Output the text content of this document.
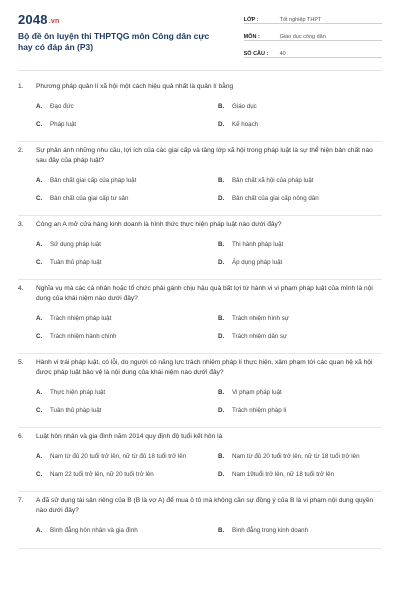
2048.vn
Bộ đề ôn luyện thi THPTQG môn Công dân cực hay có đáp án (P3)
LỚP :	Tốt nghiệp THPT
MÔN :	Giáo dục công dân
SỐ CÂU :	40
1.	Phương pháp quản lí xã hội một cách hiệu quả nhất là quản lí bằng
A.	Đạo đức	B.	Giáo dục
C.	Pháp luật	D.	Kế hoạch
2.	Sự phản ánh những nhu cầu, lợi ích của các giai cấp và tầng lớp xã hội trong pháp luật là sự thể hiện bản chất nào sau đây của pháp luật?
A.	Bản chất giai cấp của pháp luật	B.	Bản chất xã hội của pháp luật
C.	Bản chất của giai cấp tư sản	D.	Bản chất của giai cấp nông dân
3.	Công an A mở cửa hàng kinh doanh là hình thức thực hiện pháp luật nào dưới đây?
A.	Sử dụng pháp luật	B.	Thi hành pháp luật
C.	Tuân thủ pháp luật	D.	Áp dụng pháp luật
4.	Nghĩa vụ mà các cá nhân hoặc tổ chức phải gánh chịu hậu quả bất lợi từ hành vi vi phạm pháp luật của mình là nội dung của khái niệm nào dưới đây?
A.	Trách nhiệm pháp luật	B.	Trách nhiệm hình sự
C.	Trách nhiệm hành chính	D.	Trách nhiệm dân sự
5.	Hành vi trái pháp luật, có lỗi, do người có năng lực trách nhiệm pháp lí thực hiện, xâm phạm tới các quan hệ xã hội được pháp luật bảo vệ là nội dung của khái niệm nào dưới đây?
A.	Thực hiện pháp luật	B.	Vi phạm pháp luật
C.	Tuân thủ pháp luật	D.	Trách nhiệm pháp lí
6.	Luật hôn nhân và gia đình năm 2014 quy định độ tuổi kết hôn là
A.	Nam từ đủ 20 tuổi trở lên, nữ từ đủ 18 tuổi trở lên	B.	Nam từ đủ 20 tuổi trở lên, nữ từ 18 tuổi trở lên
C.	Nam 22 tuổi trở lên, nữ 20 tuổi trở lên	D.	Nam 19tuổi trở lên, nữ 18 tuổi trở lên
7.	A đã sử dụng tài sản riêng của B (B là vợ A) để mua ô tô mà không cần sự đồng ý của B là vi phạm nội dung quyền nào dưới đây?
A.	Bình đẳng hôn nhân và gia đình	B.	Bình đẳng trong kinh doanh
